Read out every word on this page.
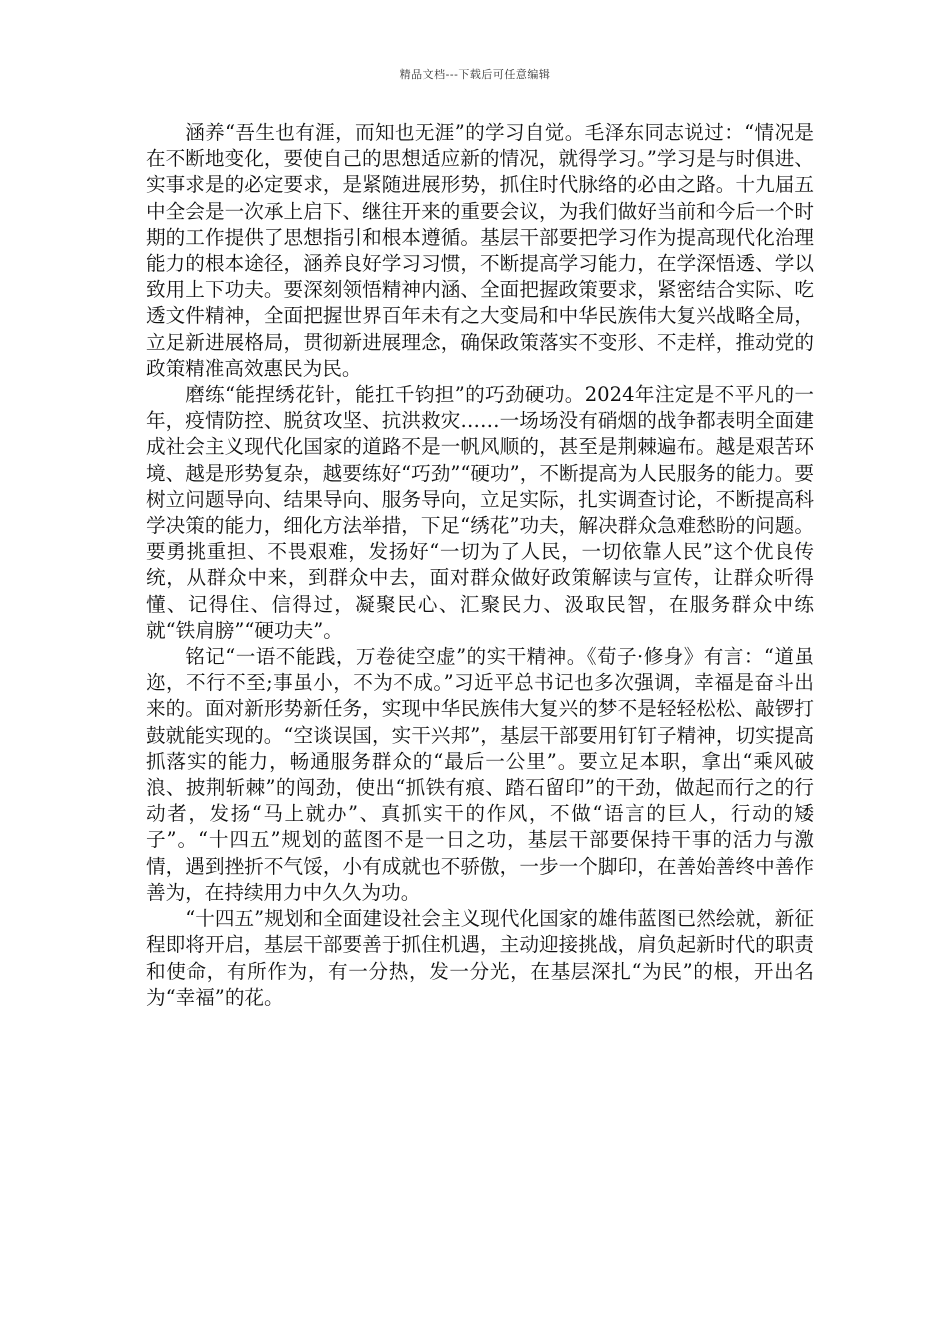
精品文档---下载后可任意编辑

涵养“吾生也有涯，而知也无涯”的学习自觉。毛泽东同志说过：“情况是在不断地变化，要使自己的思想适应新的情况，就得学习。”学习是与时俱进、实事求是的必定要求，是紧随进展形势，抓住时代脉络的必由之路。十九届五中全会是一次承上启下、继往开来的重要会议，为我们做好当前和今后一个时期的工作提供了思想指引和根本遵循。基层干部要把学习作为提高现代化治理能力的根本途径，涵养良好学习习惯，不断提高学习能力，在学深悟透、学以致用上下功夫。要深刻领悟精神内涵、全面把握政策要求，紧密结合实际、吃透文件精神，全面把握世界百年未有之大变局和中华民族伟大复兴战略全局，立足新进展格局，贯彻新进展理念，确保政策落实不变形、不走样，推动党的政策精准高效惠民为民。

磨练“能捏绣花针，能扛千钧担”的巧劲硬功。2024年注定是不平凡的一年，疫情防控、脱贫攻坚、抗洪救灾……一场场没有硝烟的战争都表明全面建成社会主义现代化国家的道路不是一帆风顺的，甚至是荆棘遍布。越是艰苦环境、越是形势复杂，越要练好“巧劲”“硬功”，不断提高为人民服务的能力。要树立问题导向、结果导向、服务导向，立足实际，扎实调查讨论，不断提高科学决策的能力，细化方法举措，下足“绣花”功夫，解决群众急难愁盼的问题。要勇挑重担、不畏艰难，发扬好“一切为了人民，一切依靠人民”这个优良传统，从群众中来，到群众中去，面对群众做好政策解读与宣传，让群众听得懂、记得住、信得过，凝聚民心、汇聚民力、汲取民智，在服务群众中练就“铁肩膀”“硬功夫”。

铭记“一语不能践，万卷徒空虚”的实干精神。《荀子·修身》有言：“道虽迩，不行不至;事虽小，不为不成。”习近平总书记也多次强调，幸福是奋斗出来的。面对新形势新任务，实现中华民族伟大复兴的梦不是轻轻松松、敲锣打鼓就能实现的。“空谈误国，实干兴邦”，基层干部要用钉钉子精神，切实提高抓落实的能力，畅通服务群众的“最后一公里”。要立足本职，拿出“乘风破浪、披荆斩棘”的闯劲，使出“抓铁有痕、踏石留印”的干劲，做起而行之的行动者，发扬“马上就办”、真抓实干的作风，不做“语言的巨人，行动的矮子”。“十四五”规划的蓝图不是一日之功，基层干部要保持干事的活力与激情，遇到挫折不气馁，小有成就也不骄傲，一步一个脚印，在善始善终中善作善为，在持续用力中久久为功。

“十四五”规划和全面建设社会主义现代化国家的雄伟蓝图已然绘就，新征程即将开启，基层干部要善于抓住机遇，主动迎接挑战，肩负起新时代的职责和使命，有所作为，有一分热，发一分光，在基层深扎“为民”的根，开出名为“幸福”的花。
